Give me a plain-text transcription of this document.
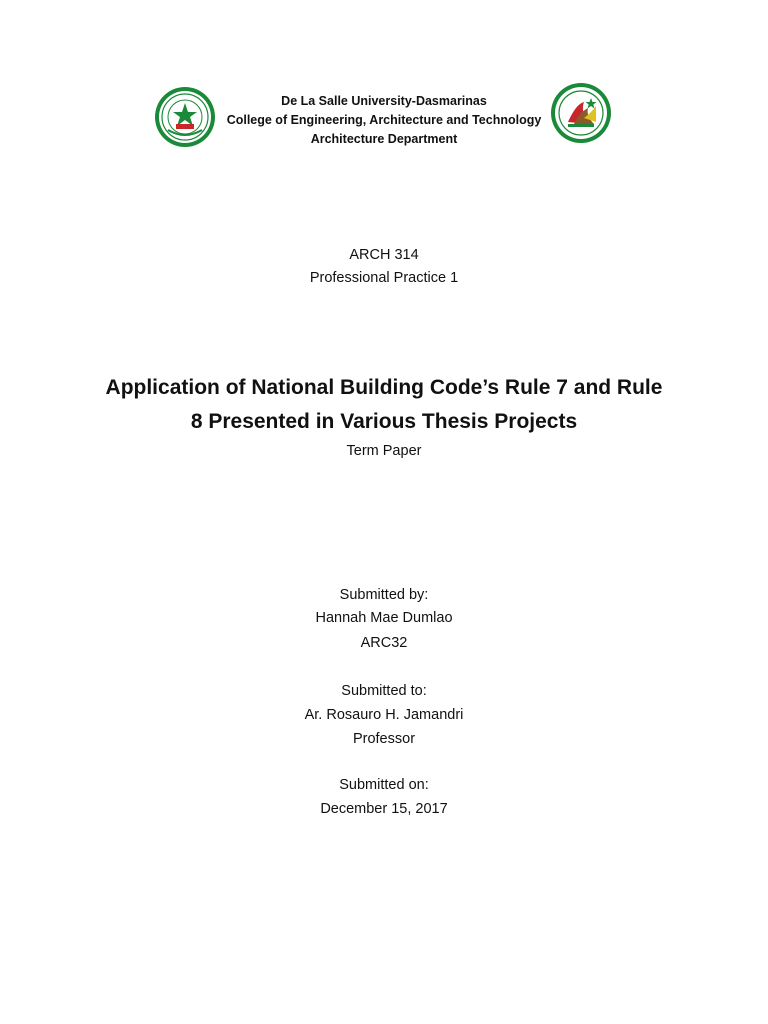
De La Salle University-Dasmarinas
College of Engineering, Architecture and Technology
Architecture Department
ARCH 314
Professional Practice 1
Application of National Building Code’s Rule 7 and Rule
8 Presented in Various Thesis Projects
Term Paper
Submitted by:
Hannah Mae Dumlao
ARC32
Submitted to:
Ar. Rosauro H. Jamandri
Professor
Submitted on:
December 15, 2017
